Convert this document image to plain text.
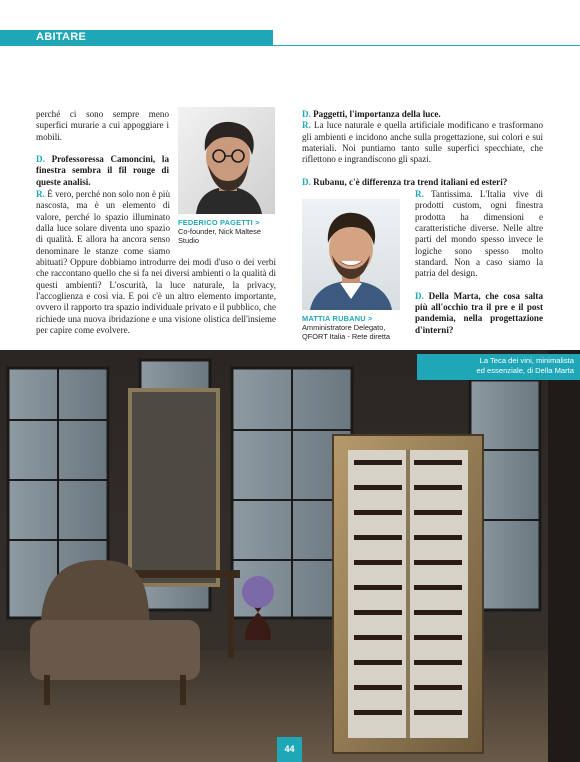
ABITARE

perché ci sono sempre meno superfici murarie a cui appoggiare i mobili.

D. Professoressa Camoncini, la finestra sembra il fil rouge di queste analisi.

R. È vero, perché non solo non è più nascosta, ma è un elemento di valore, perché lo spazio illuminato dalla luce solare diventa uno spazio di qualità. E allora ha ancora senso denominare le stanze come siamo abituati? Oppure dobbiamo introdurre dei modi d'uso o dei verbi che raccontano quello che si fa nei diversi ambienti o la qualità di questi ambienti? L'oscurità, la luce naturale, la privacy, l'accoglienza e così via. E poi c'è un altro elemento importante, ovvero il rapporto tra spazio individuale privato e il pubblico, che richiede una nuova ibridazione e una visione olistica dell'insieme per capire come evolvere.

FEDERICO PAGETTI >
Co-founder, Nick Maltese
Studio

D. Paggetti, l'importanza della luce.

R. La luce naturale e quella artificiale modificano e trasformano gli ambienti e incidono anche sulla progettazione, sui colori e sui materiali. Noi puntiamo tanto sulle superfici specchiate, che riflettono e ingrandiscono gli spazi.

D. Rubanu, c'è differenza tra trend italiani ed esteri?

R. Tantissima. L'Italia vive di prodotti custom, ogni finestra prodotta ha dimensioni e caratteristiche diverse. Nelle altre parti del mondo spesso invece le logiche sono spesso molto standard. Non a caso siamo la patria del design.

D. Della Marta, che cosa salta più all'occhio tra il pre e il post pandemia, nella progettazione d'interni?

MATTIA RUBANU >
Amministratore Delegato,
QFORT Italia - Rete diretta
La Teca dei vini, minimalista
ed essenziale, di Della Marta
44
